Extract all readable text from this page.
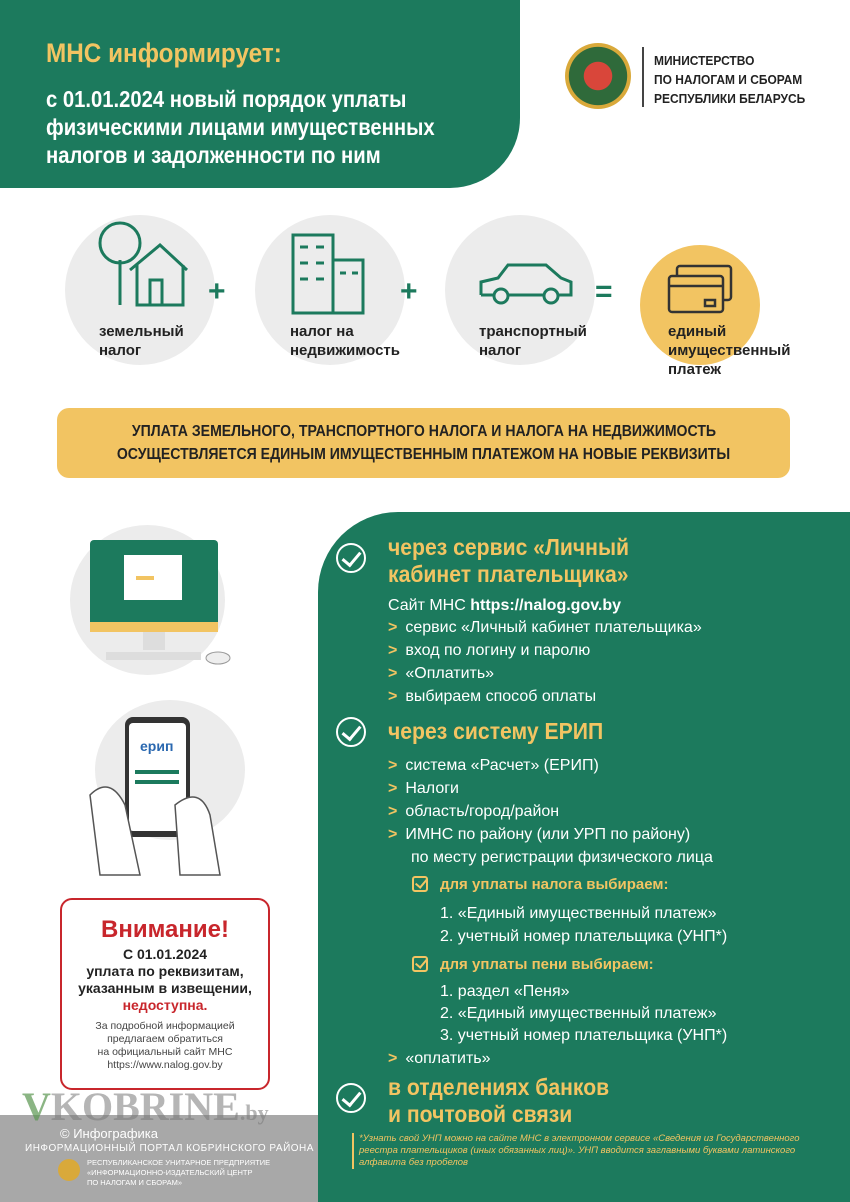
МНС информирует:
с 01.01.2024 новый порядок уплаты
физическими лицами имущественных
налогов и задолженности по ним
МИНИСТЕРСТВО
ПО НАЛОГАМ И СБОРАМ
РЕСПУБЛИКИ БЕЛАРУСЬ
земельный
налог
+
налог на
недвижимость
+
транспортный
налог
=
единый
имущественный
платеж
УПЛАТА ЗЕМЕЛЬНОГО, ТРАНСПОРТНОГО НАЛОГА И НАЛОГА НА НЕДВИЖИМОСТЬ
ОСУЩЕСТВЛЯЕТСЯ ЕДИНЫМ ИМУЩЕСТВЕННЫМ ПЛАТЕЖОМ НА НОВЫЕ РЕКВИЗИТЫ
ерип
Внимание!
С 01.01.2024
уплата по реквизитам,
указанным в извещении,
недоступна.
За подробной информацией
предлагаем обратиться
на официальный сайт МНС
https://www.nalog.gov.by
через сервис «Личный
кабинет плательщика»
Сайт МНС https://nalog.gov.by
> сервис «Личный кабинет плательщика»
> вход по логину и паролю
> «Оплатить»
> выбираем способ оплаты
через систему ЕРИП
> система «Расчет» (ЕРИП)
> Налоги
> область/город/район
> ИМНС по району (или УРП по району)
по месту регистрации физического лица
для уплаты налога выбираем:
1. «Единый имущественный платеж»
2. учетный номер плательщика (УНП*)
для уплаты пени выбираем:
1. раздел «Пеня»
2. «Единый имущественный платеж»
3. учетный номер плательщика (УНП*)
> «оплатить»
в отделениях банков
и почтовой связи
*Узнать свой УНП можно на сайте МНС в электронном сервисе «Сведения из Государственного реестра плательщиков (иных обязанных лиц)». УНП вводится заглавными буквами латинского алфавита без пробелов
VKOBRINE.by
© Инфографика
ИНФОРМАЦИОННЫЙ ПОРТАЛ КОБРИНСКОГО РАЙОНА
РЕСПУБЛИКАНСКОЕ УНИТАРНОЕ ПРЕДПРИЯТИЕ
«ИНФОРМАЦИОННО-ИЗДАТЕЛЬСКИЙ ЦЕНТР
ПО НАЛОГАМ И СБОРАМ»
